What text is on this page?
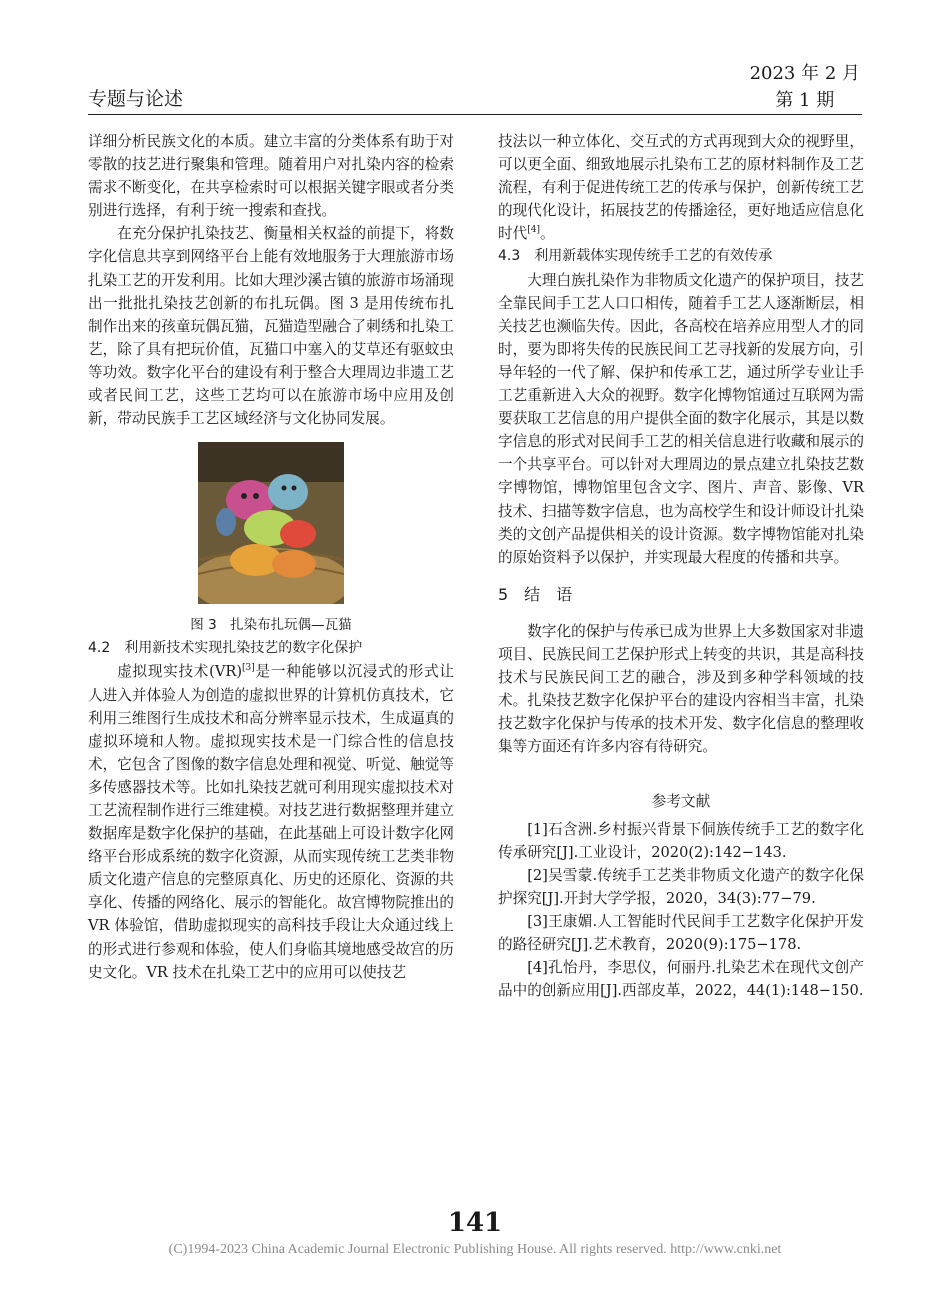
专题与论述
2023 年 2 月
第 1 期

详细分析民族文化的本质。建立丰富的分类体系有助于对零散的技艺进行聚集和管理。随着用户对扎染内容的检索需求不断变化，在共享检索时可以根据关键字眼或者分类别进行选择，有利于统一搜索和查找。

在充分保护扎染技艺、衡量相关权益的前提下，将数字化信息共享到网络平台上能有效地服务于大理旅游市场扎染工艺的开发利用。比如大理沙溪古镇的旅游市场涌现出一批批扎染技艺创新的布扎玩偶。图 3 是用传统布扎制作出来的孩童玩偶瓦猫，瓦猫造型融合了刺绣和扎染工艺，除了具有把玩价值，瓦猫口中塞入的艾草还有驱蚊虫等功效。数字化平台的建设有利于整合大理周边非遗工艺或者民间工艺，这些工艺均可以在旅游市场中应用及创新，带动民族手工艺区域经济与文化协同发展。

图 3　扎染布扎玩偶—瓦猫

4.2　利用新技术实现扎染技艺的数字化保护

虚拟现实技术(VR)[3]是一种能够以沉浸式的形式让人进入并体验人为创造的虚拟世界的计算机仿真技术，它利用三维图行生成技术和高分辨率显示技术，生成逼真的虚拟环境和人物。虚拟现实技术是一门综合性的信息技术，它包含了图像的数字信息处理和视觉、听觉、触觉等多传感器技术等。比如扎染技艺就可利用现实虚拟技术对工艺流程制作进行三维建模。对技艺进行数据整理并建立数据库是数字化保护的基础，在此基础上可设计数字化网络平台形成系统的数字化资源，从而实现传统工艺类非物质文化遗产信息的完整原真化、历史的还原化、资源的共享化、传播的网络化、展示的智能化。故宫博物院推出的 VR 体验馆，借助虚拟现实的高科技手段让大众通过线上的形式进行参观和体验，使人们身临其境地感受故宫的历史文化。VR 技术在扎染工艺中的应用可以使技艺

技法以一种立体化、交互式的方式再现到大众的视野里，可以更全面、细致地展示扎染布工艺的原材料制作及工艺流程，有利于促进传统工艺的传承与保护，创新传统工艺的现代化设计，拓展技艺的传播途径，更好地适应信息化时代[4]。

4.3　利用新载体实现传统手工艺的有效传承

大理白族扎染作为非物质文化遗产的保护项目，技艺全靠民间手工艺人口口相传，随着手工艺人逐渐断层，相关技艺也濒临失传。因此，各高校在培养应用型人才的同时，要为即将失传的民族民间工艺寻找新的发展方向，引导年轻的一代了解、保护和传承工艺，通过所学专业让手工艺重新进入大众的视野。数字化博物馆通过互联网为需要获取工艺信息的用户提供全面的数字化展示，其是以数字信息的形式对民间手工艺的相关信息进行收藏和展示的一个共享平台。可以针对大理周边的景点建立扎染技艺数字博物馆，博物馆里包含文字、图片、声音、影像、VR 技术、扫描等数字信息，也为高校学生和设计师设计扎染类的文创产品提供相关的设计资源。数字博物馆能对扎染的原始资料予以保护，并实现最大程度的传播和共享。

5　结　语

数字化的保护与传承已成为世界上大多数国家对非遗项目、民族民间工艺保护形式上转变的共识，其是高科技技术与民族民间工艺的融合，涉及到多种学科领域的技术。扎染技艺数字化保护平台的建设内容相当丰富，扎染技艺数字化保护与传承的技术开发、数字化信息的整理收集等方面还有许多内容有待研究。

参考文献

[1]石含洲.乡村振兴背景下侗族传统手工艺的数字化传承研究[J].工业设计，2020(2):142−143.

[2]吴雪蒙.传统手工艺类非物质文化遗产的数字化保护探究[J].开封大学学报，2020，34(3):77−79.

[3]王康媚.人工智能时代民间手工艺数字化保护开发的路径研究[J].艺术教育，2020(9):175−178.

[4]孔怡丹，李思仪，何丽丹.扎染艺术在现代文创产品中的创新应用[J].西部皮革，2022，44(1):148−150.

141
(C)1994-2023 China Academic Journal Electronic Publishing House. All rights reserved. http://www.cnki.net
